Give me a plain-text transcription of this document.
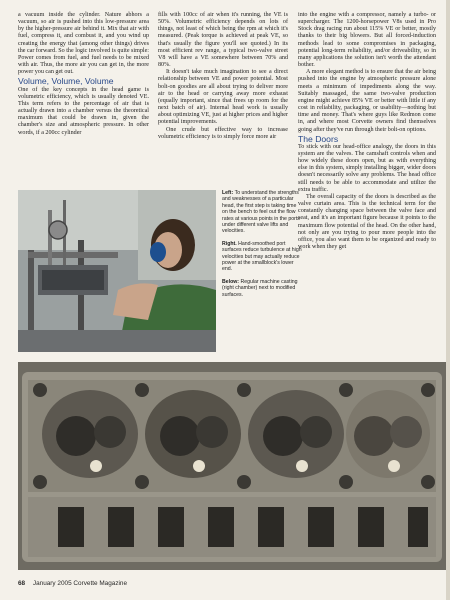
a vacuum inside the cylinder. Nature abhors a vacuum, so air is pushed into this low-pressure area by the higher-pressure air behind it. Mix that air with fuel, compress it, and combust it, and you wind up creating the energy that (among other things) drives the car forward. So the logic involved is quite simple: Power comes from fuel, and fuel needs to be mixed with air. Thus, the more air you can get in, the more power you can get out.

Volume, Volume, Volume

One of the key concepts in the head game is volumetric efficiency, which is usually denoted VE. This term refers to the percentage of air that is actually drawn into a chamber versus the theoretical maximum that could be drawn in, given the chamber's size and atmospheric pressure. In other words, if a 200cc cylinder

fills with 100cc of air when it's running, the VE is 50%. Volumetric efficiency depends on lots of things, not least of which being the rpm at which it's measured. (Peak torque is achieved at peak VE, so that's usually the figure you'll see quoted.) In its most efficient rev range, a typical two-valve street V8 will have a VE somewhere between 70% and 80%.

It doesn't take much imagination to see a direct relationship between VE and power potential. Most bolt-on goodies are all about trying to deliver more air to the head or carrying away more exhaust (equally important, since that frees up room for the next batch of air). Internal head work is usually about optimizing VE, just at higher prices and higher potential improvements.

One crude but effective way to increase volumetric efficiency is to simply force more air

into the engine with a compressor, namely a turbo- or supercharger. The 1200-horsepower V8s used in Pro Stock drag racing run about 115% VE or better, mostly thanks to their big blowers. But all forced-induction methods lead to some compromises in packaging, potential long-term reliability, and/or driveability, so in many applications the solution isn't worth the attendant bother.

A more elegant method is to ensure that the air being pushed into the engine by atmospheric pressure alone meets a minimum of impediments along the way. Suitably massaged, the same two-valve production engine might achieve 85% VE or better with little if any cost in reliability, packaging, or usability—nothing but time and money. That's where guys like Redmon come in, and where most Corvette owners find themselves going after they've run through their bolt-on options.

The Doors

To stick with our head-office analogy, the doors in this system are the valves. The camshaft controls when and how widely these doors open, but as with everything else in this system, simply installing bigger, wider doors doesn't necessarily solve any problems. The head office still needs to be able to accommodate and utilize the extra traffic.

The overall capacity of the doors is described as the valve curtain area. This is the technical term for the constantly changing space between the valve face and seat, and it's an important figure because it points to the maximum flow potential of the head. On the other hand, not only are you trying to pour more people into the office, you also want them to be organized and ready to work when they get

Left: To understand the strengths and weaknesses of a particular head, the first step is taking time on the bench to feel out the flow rates at various points in the ports under different valve lifts and velocities.

Right. Hand-smoothed port surfaces reduce turbulence at high velocities but may actually reduce power at the smallblock's lower end.

Below: Regular machine casting (right chamber) next to modified surfaces.

68 January 2005 Corvette Magazine
